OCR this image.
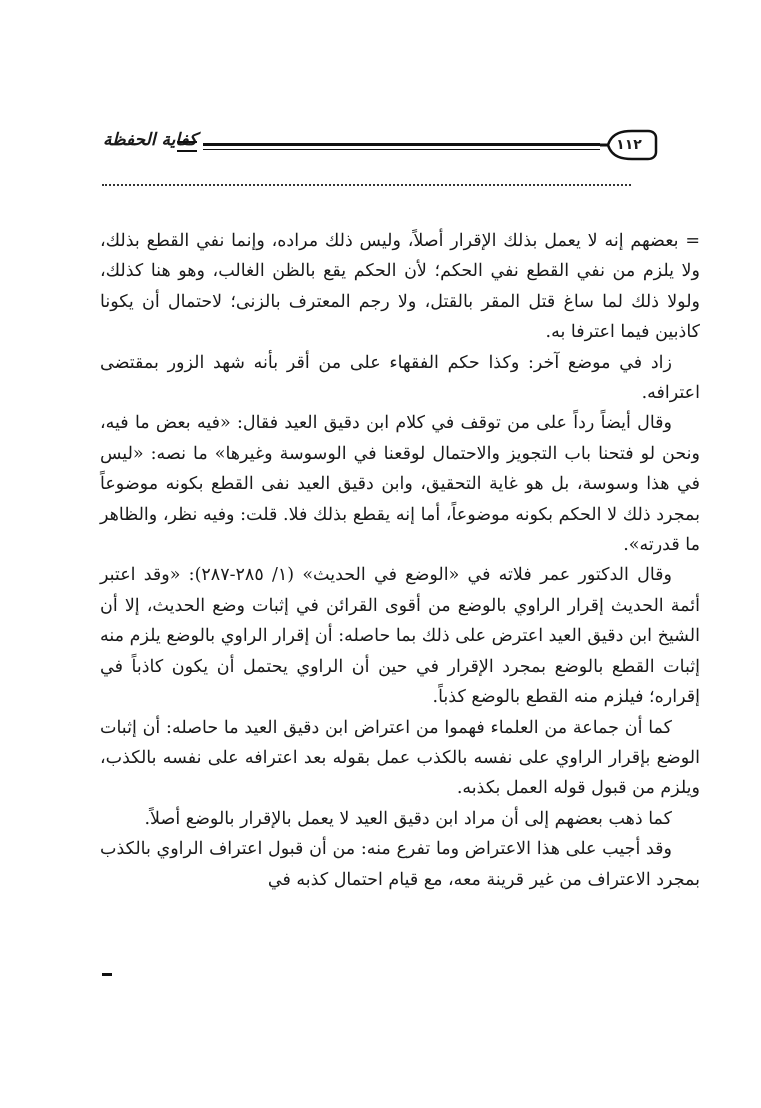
١١٢
كفاية الحفظة

= بعضهم إنه لا يعمل بذلك الإقرار أصلاً، وليس ذلك مراده، وإنما نفي القطع بذلك، ولا يلزم من نفي القطع نفي الحكم؛ لأن الحكم يقع بالظن الغالب، وهو هنا كذلك، ولولا ذلك لما ساغ قتل المقر بالقتل، ولا رجم المعترف بالزنى؛ لاحتمال أن يكونا كاذبين فيما اعترفا به.

زاد في موضع آخر: وكذا حكم الفقهاء على من أقر بأنه شهد الزور بمقتضى اعترافه.

وقال أيضاً رداً على من توقف في كلام ابن دقيق العيد فقال: «فيه بعض ما فيه، ونحن لو فتحنا باب التجويز والاحتمال لوقعنا في الوسوسة وغيرها» ما نصه: «ليس في هذا وسوسة، بل هو غاية التحقيق، وابن دقيق العيد نفى القطع بكونه موضوعاً بمجرد ذلك لا الحكم بكونه موضوعاً، أما إنه يقطع بذلك فلا. قلت: وفيه نظر، والظاهر ما قدرته».

وقال الدكتور عمر فلاته في «الوضع في الحديث» (١/ ٢٨٥-٢٨٧): «وقد اعتبر أئمة الحديث إقرار الراوي بالوضع من أقوى القرائن في إثبات وضع الحديث، إلا أن الشيخ ابن دقيق العيد اعترض على ذلك بما حاصله: أن إقرار الراوي بالوضع يلزم منه إثبات القطع بالوضع بمجرد الإقرار في حين أن الراوي يحتمل أن يكون كاذباً في إقراره؛ فيلزم منه القطع بالوضع كذباً.

كما أن جماعة من العلماء فهموا من اعتراض ابن دقيق العيد ما حاصله: أن إثبات الوضع بإقرار الراوي على نفسه بالكذب عمل بقوله بعد اعترافه على نفسه بالكذب، ويلزم من قبول قوله العمل بكذبه.

كما ذهب بعضهم إلى أن مراد ابن دقيق العيد لا يعمل بالإقرار بالوضع أصلاً.

وقد أجيب على هذا الاعتراض وما تفرع منه: من أن قبول اعتراف الراوي بالكذب بمجرد الاعتراف من غير قرينة معه، مع قيام احتمال كذبه في
